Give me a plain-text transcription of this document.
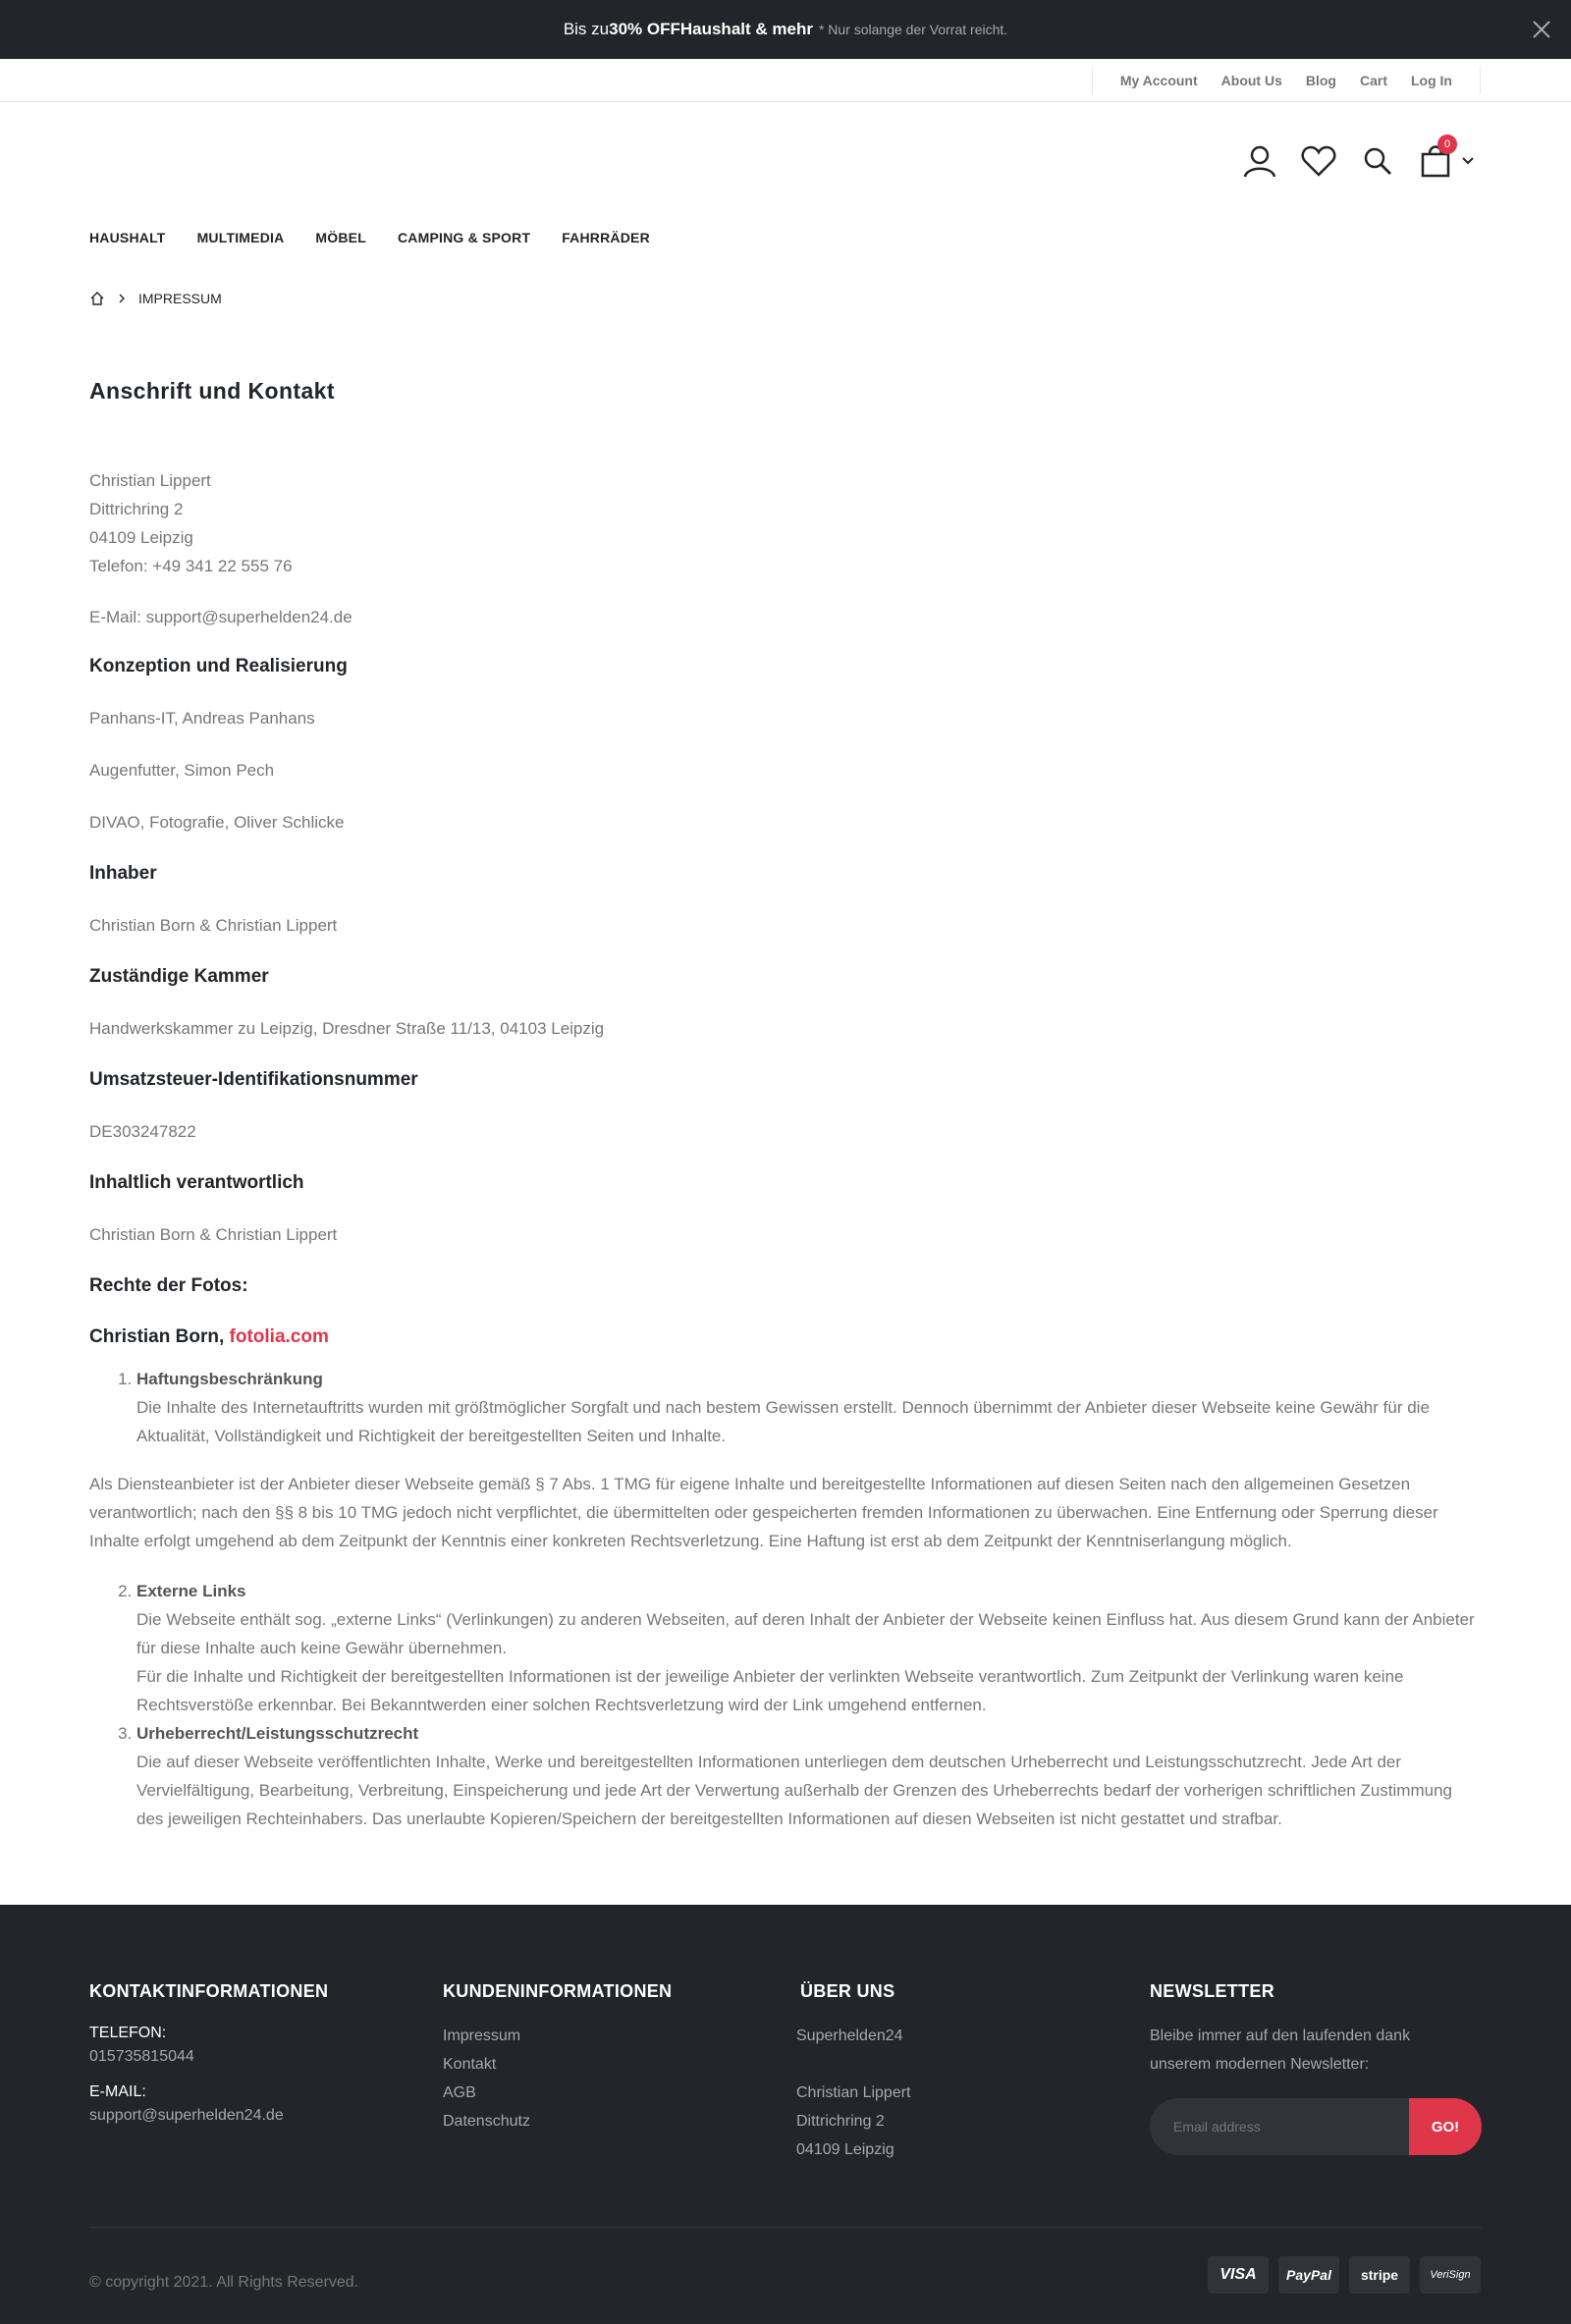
Bis zu 30% OFF Haushalt & mehr * Nur solange der Vorrat reicht.
My Account About Us Blog Cart Log In
0
HAUSHALT MULTIMEDIA MÖBEL CAMPING & SPORT FAHRRÄDER
IMPRESSUM
Anschrift und Kontakt

Christian Lippert

Dittrichring 2

04109 Leipzig

Telefon: +49 341 22 555 76

E-Mail: support@superhelden24.de

Konzeption und Realisierung

Panhans-IT, Andreas Panhans

Augenfutter, Simon Pech

DIVAO, Fotografie, Oliver Schlicke

Inhaber

Christian Born & Christian Lippert

Zuständige Kammer

Handwerkskammer zu Leipzig, Dresdner Straße 11/13, 04103 Leipzig

Umsatzsteuer-Identifikationsnummer

DE303247822

Inhaltlich verantwortlich

Christian Born & Christian Lippert

Rechte der Fotos:
Christian Born, fotolia.com
1. Haftungsbeschränkung
Die Inhalte des Internetauftritts wurden mit größtmöglicher Sorgfalt und nach bestem Gewissen erstellt. Dennoch übernimmt der Anbieter dieser Webseite keine Gewähr für die Aktualität, Vollständigkeit und Richtigkeit der bereitgestellten Seiten und Inhalte.

Als Diensteanbieter ist der Anbieter dieser Webseite gemäß § 7 Abs. 1 TMG für eigene Inhalte und bereitgestellte Informationen auf diesen Seiten nach den allgemeinen Gesetzen verantwortlich; nach den §§ 8 bis 10 TMG jedoch nicht verpflichtet, die übermittelten oder gespeicherten fremden Informationen zu überwachen. Eine Entfernung oder Sperrung dieser Inhalte erfolgt umgehend ab dem Zeitpunkt der Kenntnis einer konkreten Rechtsverletzung. Eine Haftung ist erst ab dem Zeitpunkt der Kenntniserlangung möglich.

2. Externe Links
Die Webseite enthält sog. „externe Links“ (Verlinkungen) zu anderen Webseiten, auf deren Inhalt der Anbieter der Webseite keinen Einfluss hat. Aus diesem Grund kann der Anbieter für diese Inhalte auch keine Gewähr übernehmen.
Für die Inhalte und Richtigkeit der bereitgestellten Informationen ist der jeweilige Anbieter der verlinkten Webseite verantwortlich. Zum Zeitpunkt der Verlinkung waren keine Rechtsverstöße erkennbar. Bei Bekanntwerden einer solchen Rechtsverletzung wird der Link umgehend entfernen.
3. Urheberrecht/Leistungsschutzrecht
Die auf dieser Webseite veröffentlichten Inhalte, Werke und bereitgestellten Informationen unterliegen dem deutschen Urheberrecht und Leistungsschutzrecht. Jede Art der Vervielfältigung, Bearbeitung, Verbreitung, Einspeicherung und jede Art der Verwertung außerhalb der Grenzen des Urheberrechts bedarf der vorherigen schriftlichen Zustimmung des jeweiligen Rechteinhabers. Das unerlaubte Kopieren/Speichern der bereitgestellten Informationen auf diesen Webseiten ist nicht gestattet und strafbar.
KONTAKTINFORMATIONEN
TELEFON:
015735815044
E-MAIL:
support@superhelden24.de
KUNDENINFORMATIONEN
Impressum
Kontakt
AGB
Datenschutz
ÜBER UNS

Superhelden24

Christian Lippert

Dittrichring 2

04109 Leipzig

NEWSLETTER

Bleibe immer auf den laufenden dank unserem modernen Newsletter:

Email address
GO!
© copyright 2021. All Rights Reserved.	VISA	PayPal	stripe	VeriSign
